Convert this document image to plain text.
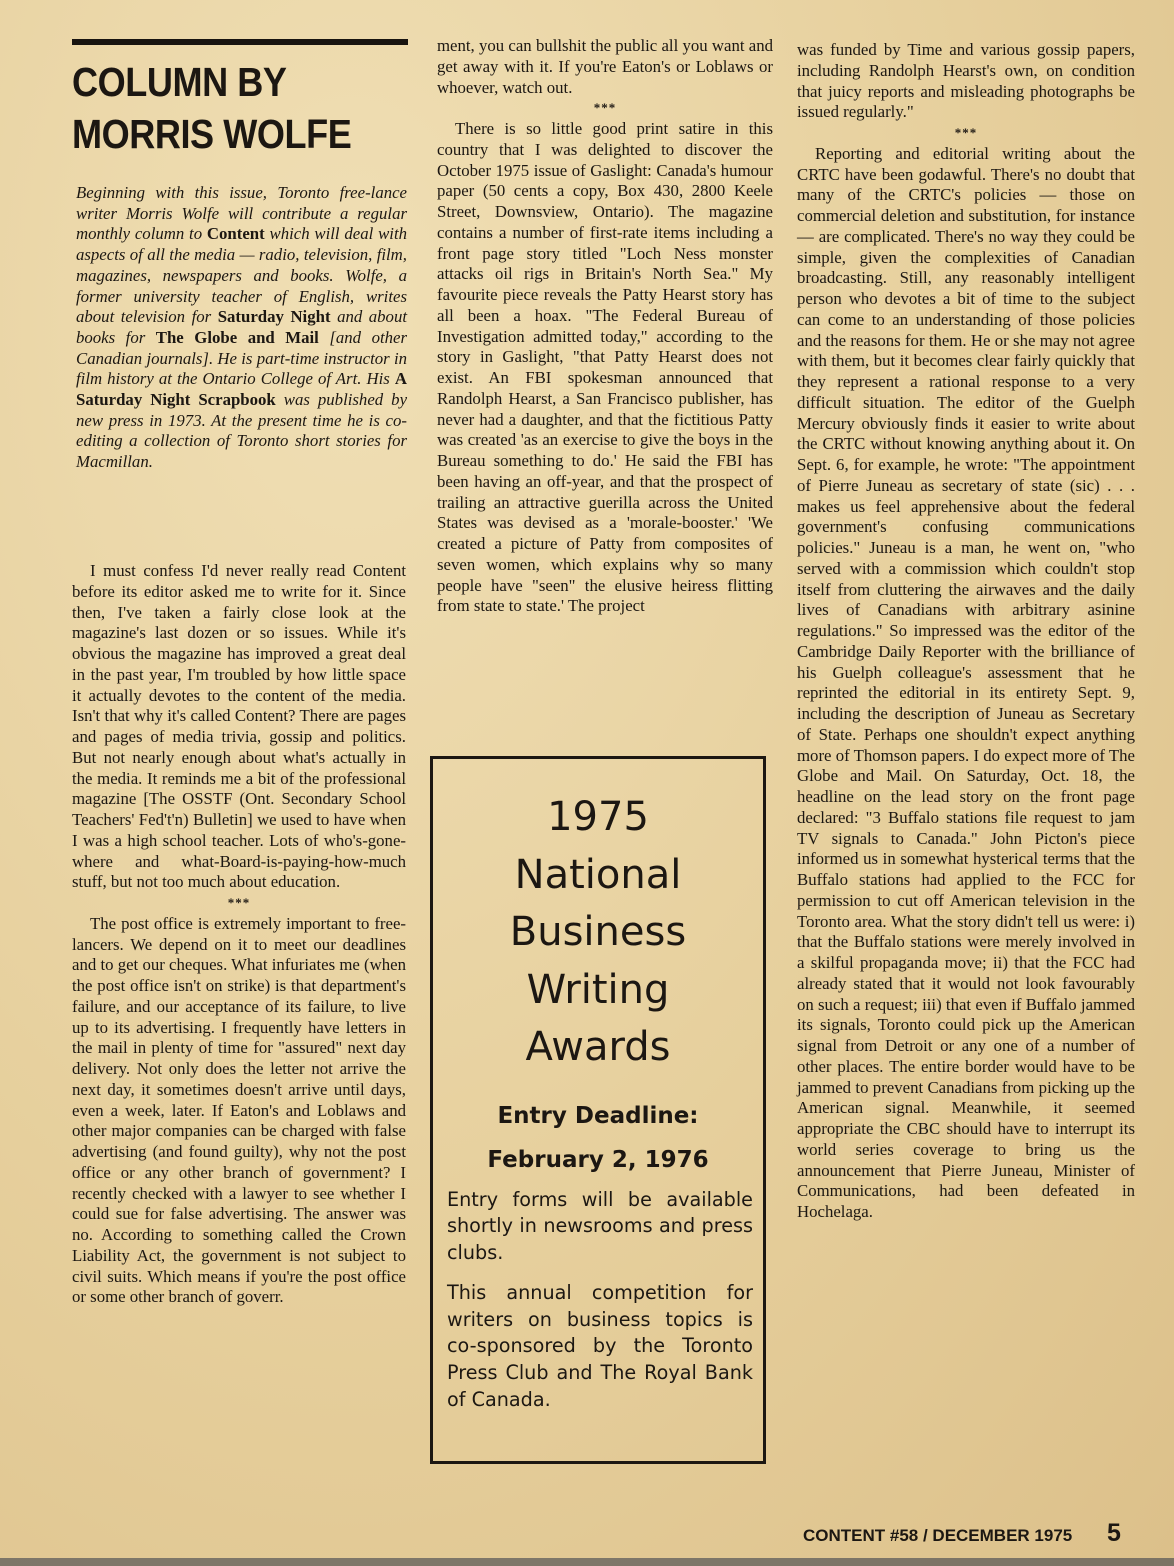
COLUMN BY
MORRIS WOLFE
Beginning with this issue, Toronto free-lance writer Morris Wolfe will contribute a regular monthly column to Content which will deal with aspects of all the media — radio, television, film, magazines, newspapers and books. Wolfe, a former university teacher of English, writes about television for Saturday Night and about books for The Globe and Mail [and other Canadian journals]. He is part-time instructor in film history at the Ontario College of Art. His A Saturday Night Scrapbook was published by new press in 1973. At the present time he is co-editing a collection of Toronto short stories for Macmillan.

I must confess I'd never really read Content before its editor asked me to write for it. Since then, I've taken a fairly close look at the magazine's last dozen or so issues. While it's obvious the magazine has improved a great deal in the past year, I'm troubled by how little space it actually devotes to the content of the media. Isn't that why it's called Content? There are pages and pages of media trivia, gossip and politics. But not nearly enough about what's actually in the media. It reminds me a bit of the professional magazine [The OSSTF (Ont. Secondary School Teachers' Fed't'n) Bulletin] we used to have when I was a high school teacher. Lots of who's-gone-where and what-Board-is-paying-how-much stuff, but not too much about education.

***

The post office is extremely important to free-lancers. We depend on it to meet our deadlines and to get our cheques. What infuriates me (when the post office isn't on strike) is that department's failure, and our acceptance of its failure, to live up to its advertising. I frequently have letters in the mail in plenty of time for "assured" next day delivery. Not only does the letter not arrive the next day, it sometimes doesn't arrive until days, even a week, later. If Eaton's and Loblaws and other major companies can be charged with false advertising (and found guilty), why not the post office or any other branch of government? I recently checked with a lawyer to see whether I could sue for false advertising. The answer was no. According to something called the Crown Liability Act, the government is not subject to civil suits. Which means if you're the post office or some other branch of goverr.

ment, you can bullshit the public all you want and get away with it. If you're Eaton's or Loblaws or whoever, watch out.

***

There is so little good print satire in this country that I was delighted to discover the October 1975 issue of Gaslight: Canada's humour paper (50 cents a copy, Box 430, 2800 Keele Street, Downsview, Ontario). The magazine contains a number of first-rate items including a front page story titled "Loch Ness monster attacks oil rigs in Britain's North Sea." My favourite piece reveals the Patty Hearst story has all been a hoax. "The Federal Bureau of Investigation admitted today," according to the story in Gaslight, "that Patty Hearst does not exist. An FBI spokesman announced that Randolph Hearst, a San Francisco publisher, has never had a daughter, and that the fictitious Patty was created 'as an exercise to give the boys in the Bureau something to do.' He said the FBI has been having an off-year, and that the prospect of trailing an attractive guerilla across the United States was devised as a 'morale-booster.' 'We created a picture of Patty from composites of seven women, which explains why so many people have "seen" the elusive heiress flitting from state to state.' The project

1975
National
Business
Writing
Awards
Entry Deadline:
February 2, 1976
Entry forms will be available shortly in newsrooms and press clubs.
This annual competition for writers on business topics is co-sponsored by the Toronto Press Club and The Royal Bank of Canada.

was funded by Time and various gossip papers, including Randolph Hearst's own, on condition that juicy reports and misleading photographs be issued regularly."

***

Reporting and editorial writing about the CRTC have been godawful. There's no doubt that many of the CRTC's policies — those on commercial deletion and substitution, for instance — are complicated. There's no way they could be simple, given the complexities of Canadian broadcasting. Still, any reasonably intelligent person who devotes a bit of time to the subject can come to an understanding of those policies and the reasons for them. He or she may not agree with them, but it becomes clear fairly quickly that they represent a rational response to a very difficult situation. The editor of the Guelph Mercury obviously finds it easier to write about the CRTC without knowing anything about it. On Sept. 6, for example, he wrote: "The appointment of Pierre Juneau as secretary of state (sic) . . . makes us feel apprehensive about the federal government's confusing communications policies." Juneau is a man, he went on, "who served with a commission which couldn't stop itself from cluttering the airwaves and the daily lives of Canadians with arbitrary asinine regulations." So impressed was the editor of the Cambridge Daily Reporter with the brilliance of his Guelph colleague's assessment that he reprinted the editorial in its entirety Sept. 9, including the description of Juneau as Secretary of State. Perhaps one shouldn't expect anything more of Thomson papers. I do expect more of The Globe and Mail. On Saturday, Oct. 18, the headline on the lead story on the front page declared: "3 Buffalo stations file request to jam TV signals to Canada." John Picton's piece informed us in somewhat hysterical terms that the Buffalo stations had applied to the FCC for permission to cut off American television in the Toronto area. What the story didn't tell us were: i) that the Buffalo stations were merely involved in a skilful propaganda move; ii) that the FCC had already stated that it would not look favourably on such a request; iii) that even if Buffalo jammed its signals, Toronto could pick up the American signal from Detroit or any one of a number of other places. The entire border would have to be jammed to prevent Canadians from picking up the American signal. Meanwhile, it seemed appropriate the CBC should have to interrupt its world series coverage to bring us the announcement that Pierre Juneau, Minister of Communications, had been defeated in Hochelaga.

CONTENT #58 / DECEMBER 1975 5
